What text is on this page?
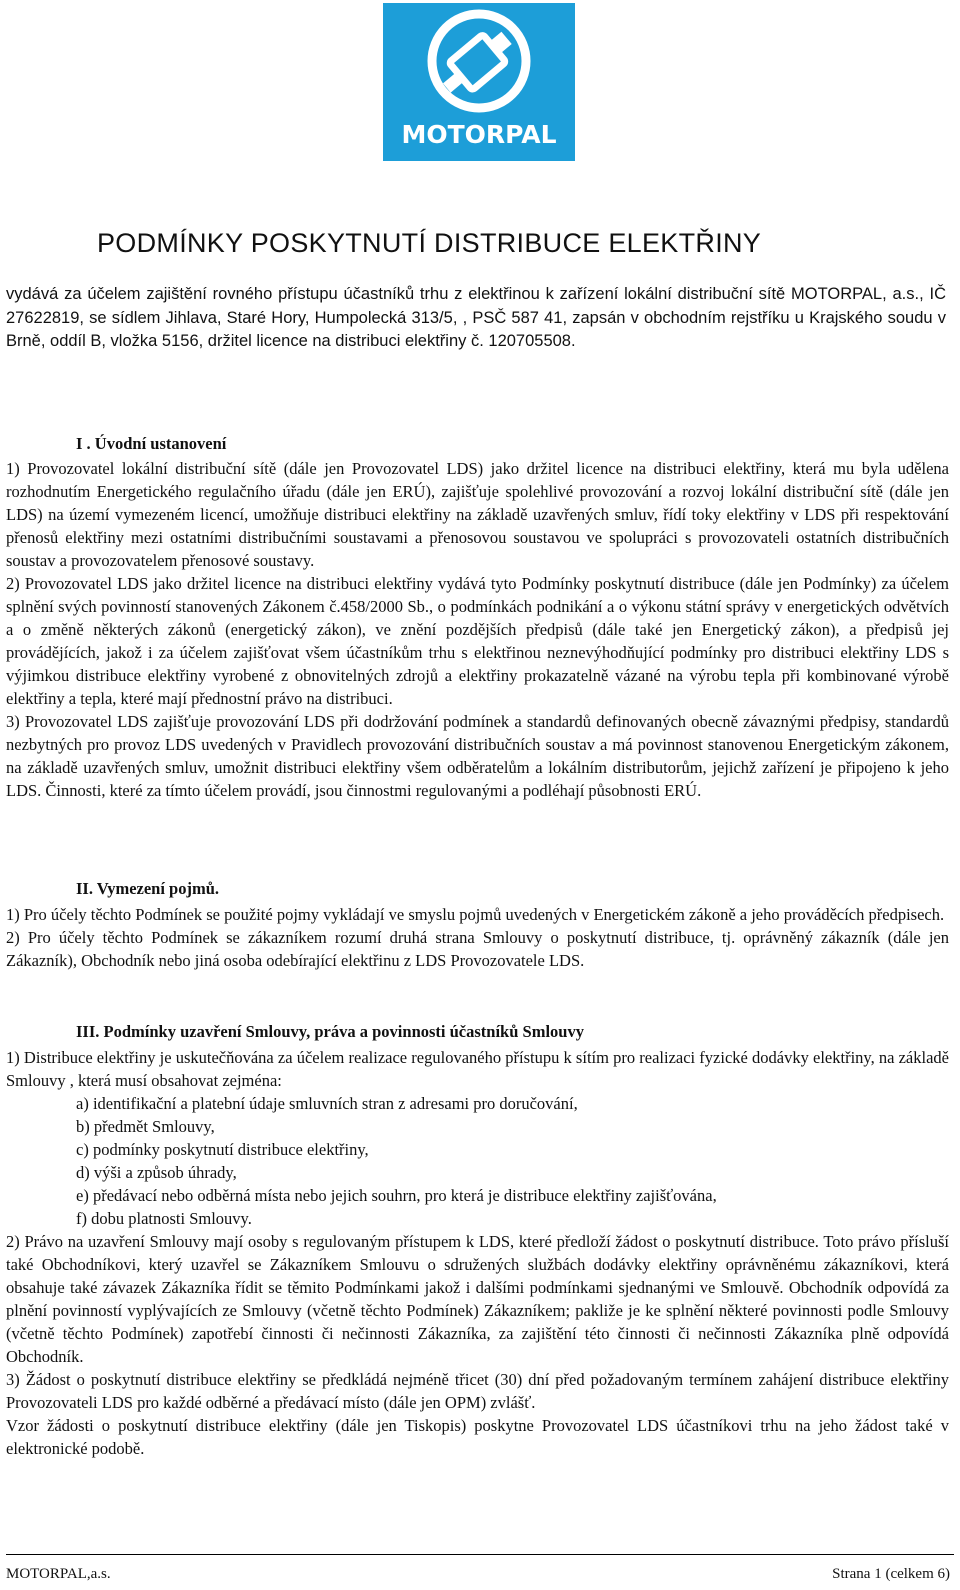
MOTORPAL
PODMÍNKY POSKYTNUTÍ DISTRIBUCE ELEKTŘINY
vydává za účelem zajištění rovného přístupu účastníků trhu z elektřinou k zařízení lokální distribuční sítě MOTORPAL, a.s., IČ 27622819, se sídlem Jihlava, Staré Hory, Humpolecká 313/5, , PSČ 587 41, zapsán v obchodním rejstříku u Krajského soudu v Brně, oddíl B, vložka 5156, držitel licence na distribuci elektřiny č. 120705508.
I . Úvodní ustanovení

1) Provozovatel lokální distribuční sítě (dále jen Provozovatel LDS) jako držitel licence na distribuci elektřiny, která mu byla udělena rozhodnutím Energetického regulačního úřadu (dále jen ERÚ), zajišťuje spolehlivé provozování a rozvoj lokální distribuční sítě (dále jen LDS) na území vymezeném licencí, umožňuje distribuci elektřiny na základě uzavřených smluv, řídí toky elektřiny v LDS při respektování přenosů elektřiny mezi ostatními distribučními soustavami a přenosovou soustavou ve spolupráci s provozovateli ostatních distribučních soustav a provozovatelem přenosové soustavy.

2) Provozovatel LDS jako držitel licence na distribuci elektřiny vydává tyto Podmínky poskytnutí distribuce (dále jen Podmínky) za účelem splnění svých povinností stanovených Zákonem č.458/2000 Sb., o podmínkách podnikání a o výkonu státní správy v energetických odvětvích a o změně některých zákonů (energetický zákon), ve znění pozdějších předpisů (dále také jen Energetický zákon), a předpisů jej provádějících, jakož i za účelem zajišťovat všem účastníkům trhu s elektřinou neznevýhodňující podmínky pro distribuci elektřiny LDS s výjimkou distribuce elektřiny vyrobené z obnovitelných zdrojů a elektřiny prokazatelně vázané na výrobu tepla při kombinované výrobě elektřiny a tepla, které mají přednostní právo na distribuci.

3) Provozovatel LDS zajišťuje provozování LDS při dodržování podmínek a standardů definovaných obecně závaznými předpisy, standardů nezbytných pro provoz LDS uvedených v Pravidlech provozování distribučních soustav a má povinnost stanovenou Energetickým zákonem, na základě uzavřených smluv, umožnit distribuci elektřiny všem odběratelům a lokálním distributorům, jejichž zařízení je připojeno k jeho LDS. Činnosti, které za tímto účelem provádí, jsou činnostmi regulovanými a podléhají působnosti ERÚ.

II. Vymezení pojmů.

1) Pro účely těchto Podmínek se použité pojmy vykládají ve smyslu pojmů uvedených v Energetickém zákoně a jeho prováděcích předpisech.

2) Pro účely těchto Podmínek se zákazníkem rozumí druhá strana Smlouvy o poskytnutí distribuce, tj. oprávněný zákazník (dále jen Zákazník), Obchodník nebo jiná osoba odebírající elektřinu z LDS Provozovatele LDS.

III. Podmínky uzavření Smlouvy, práva a povinnosti účastníků Smlouvy

1) Distribuce elektřiny je uskutečňována za účelem realizace regulovaného přístupu k sítím pro realizaci fyzické dodávky elektřiny, na základě Smlouvy , která musí obsahovat zejména:

a) identifikační a platební údaje smluvních stran z adresami pro doručování,
b) předmět Smlouvy,
c) podmínky poskytnutí distribuce elektřiny,
d) výši a způsob úhrady,
e) předávací nebo odběrná místa nebo jejich souhrn, pro která je distribuce elektřiny zajišťována,
f) dobu platnosti Smlouvy.

2) Právo na uzavření Smlouvy mají osoby s regulovaným přístupem k LDS, které předloží žádost o poskytnutí distribuce. Toto právo přísluší také Obchodníkovi, který uzavřel se Zákazníkem Smlouvu o sdružených službách dodávky elektřiny oprávněnému zákazníkovi, která obsahuje také závazek Zákazníka řídit se těmito Podmínkami jakož i dalšími podmínkami sjednanými ve Smlouvě. Obchodník odpovídá za plnění povinností vyplývajících ze Smlouvy (včetně těchto Podmínek) Zákazníkem; pakliže je ke splnění některé povinnosti podle Smlouvy (včetně těchto Podmínek) zapotřebí činnosti či nečinnosti Zákazníka, za zajištění této činnosti či nečinnosti Zákazníka plně odpovídá Obchodník.

3) Žádost o poskytnutí distribuce elektřiny se předkládá nejméně třicet (30) dní před požadovaným termínem zahájení distribuce elektřiny Provozovateli LDS pro každé odběrné a předávací místo (dále jen OPM) zvlášť.

Vzor žádosti o poskytnutí distribuce elektřiny (dále jen Tiskopis) poskytne Provozovatel LDS účastníkovi trhu na jeho žádost také v elektronické podobě.

MOTORPAL,a.s.	Strana 1 (celkem 6)
